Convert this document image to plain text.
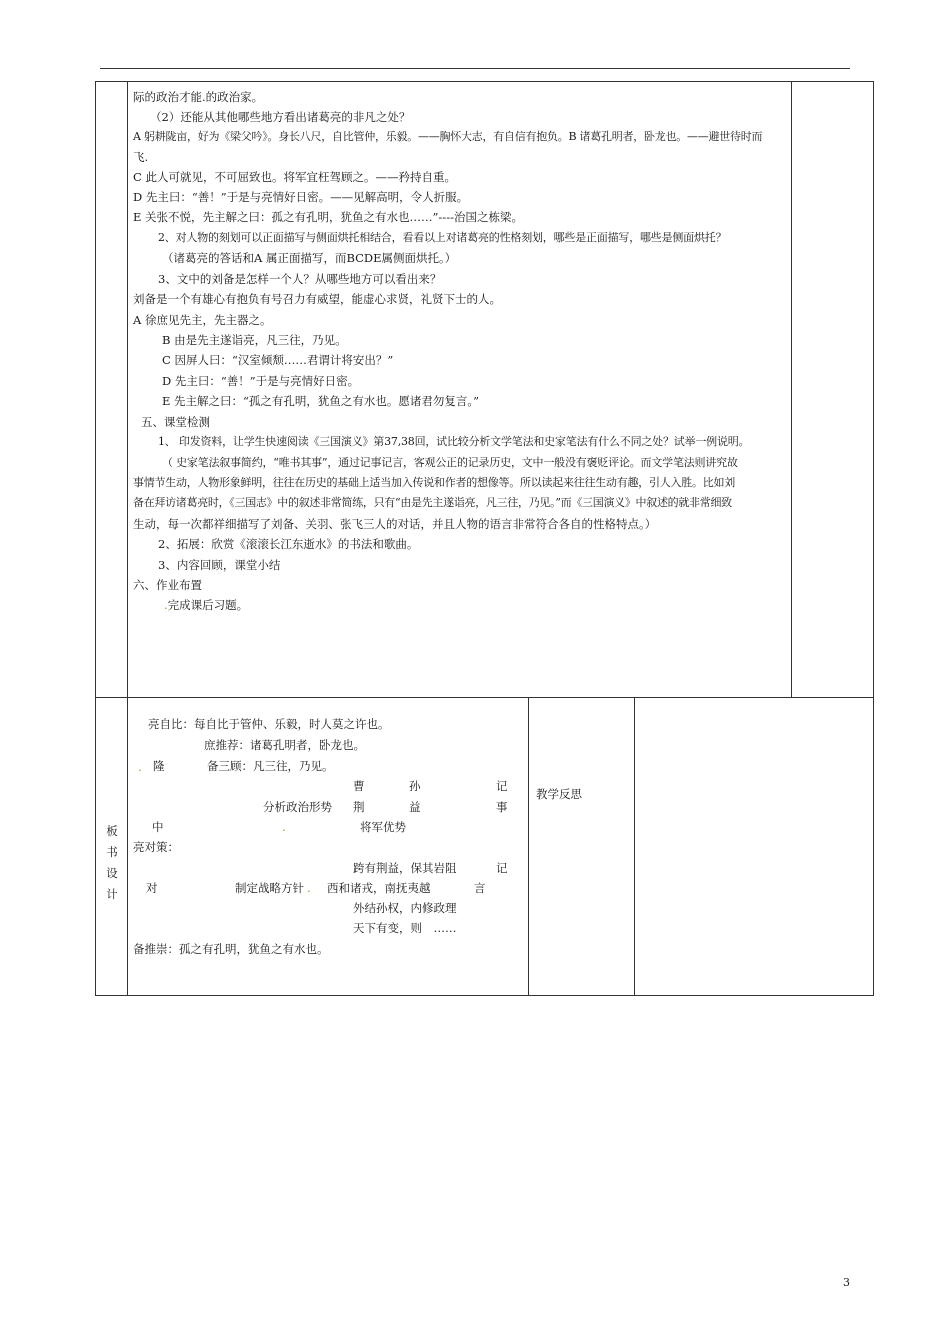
际的政治才能.的政治家。
（2）还能从其他哪些地方看出诸葛亮的非凡之处？
A 躬耕陇亩，好为《梁父吟》。身长八尺，自比管仲，乐毅。——胸怀大志，有自信有抱负。B 诸葛孔明者，卧龙也。——避世待时而
飞.
C 此人可就见，不可屈致也。将军宜枉驾顾之。——矜持自重。
D 先主曰：“善！”于是与亮情好日密。——见解高明，令人折服。
E 关张不悦，先主解之曰：孤之有孔明，犹鱼之有水也……”----治国之栋梁。
2、对人物的刻划可以正面描写与侧面烘托相结合，看看以上对诸葛亮的性格刻划，哪些是正面描写，哪些是侧面烘托？
（诸葛亮的答话和A 属正面描写，而BCDE属侧面烘托。）
3、文中的刘备是怎样一个人？从哪些地方可以看出来？
刘备是一个有雄心有抱负有号召力有威望，能虚心求贤，礼贤下士的人。
A 徐庶见先主，先主器之。
B 由是先主遂诣亮，凡三往，乃见。
C 因屏人曰：“汉室倾颓……君谓计将安出？”
D 先主曰：“善！”于是与亮情好日密。
E 先主解之曰：“孤之有孔明，犹鱼之有水也。愿诸君勿复言。”
五、课堂检测
1、 印发资料，让学生快速阅读《三国演义》第37,38回，试比较分析文学笔法和史家笔法有什么不同之处？试举一例说明。
（ 史家笔法叙事简约，“唯书其事”，通过记事记言，客观公正的记录历史，文中一般没有褒贬评论。而文学笔法则讲究故
事情节生动，人物形象鲜明，往往在历史的基础上适当加入传说和作者的想像等。所以读起来往往生动有趣，引人入胜。比如刘
备在拜访诸葛亮时，《三国志》中的叙述非常简练，只有“由是先主遂诣亮，凡三往，乃见。”而《三国演义》中叙述的就非常细致
生动，每一次都祥细描写了刘备、关羽、张飞三人的对话，并且人物的语言非常符合各自的性格特点。）
2、拓展：欣赏《滚滚长江东逝水》的书法和歌曲。
3、内容回顾，课堂小结
六、作业布置
.完成课后习题。
板
书
设
计
亮自比：每自比于管仲、乐毅，时人莫之许也。
庶推荐：诸葛孔明者，卧龙也。
. 隆	备三顾：凡三往，乃见。
曹	孙	记
分析政治形势 荆	益	事
中	.	将军优势
亮对策：
跨有荆益，保其岩阻	记
对	制定战略方针 . 西和诸戎，南抚夷越	言
外结孙权，内修政理
天下有变，则　……
备推崇：孤之有孔明，犹鱼之有水也。
教学反思
3
